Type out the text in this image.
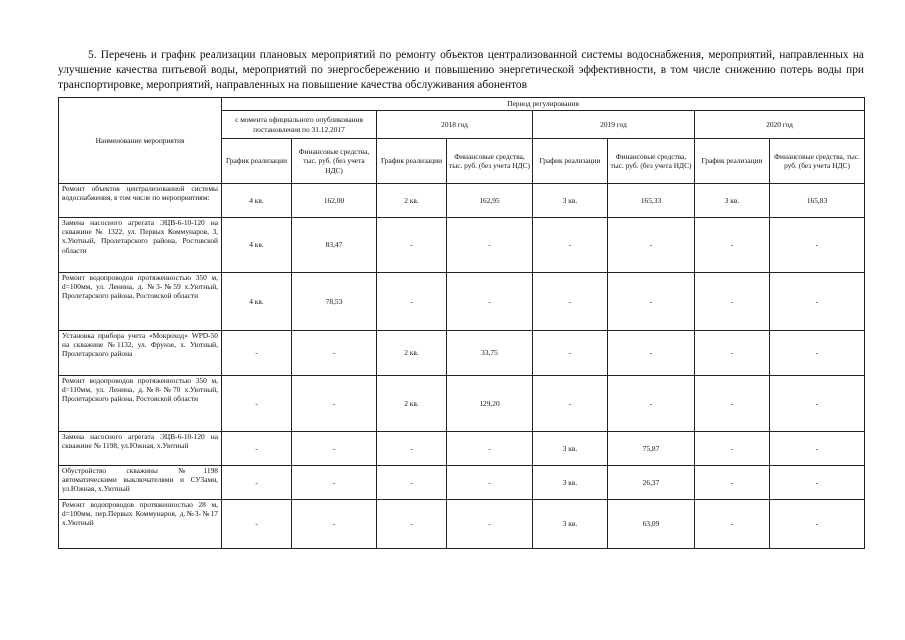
5. Перечень и график реализации плановых мероприятий по ремонту объектов централизованной системы водоснабжения, мероприятий, направленных на улучшение качества питьевой воды, мероприятий по энергосбережению и повышению энергетической эффективности, в том числе снижению потерь воды при транспортировке, мероприятий, направленных на повышение качества обслуживания абонентов
Наименование мероприятия	Период регулирования							
	с момента официального опубликования постановления по 31.12.2017		2018 год		2019 год		2020 год	
	График реализации	Финансовые средства, тыс. руб. (без учета НДС)	График реализации	Финансовые средства, тыс. руб. (без учета НДС)	График реализации	Финансовые средства, тыс. руб. (без учета НДС)	График реализации	Финансовые средства, тыс. руб. (без учета НДС)
Ремонт объектов централизованной системы водоснабжения, в том числе по мероприятиям:	4 кв.	162,00	2 кв.	162,95	3 кв.	165,33	3 кв.	165,83
Замена насосного агрегата ЭЦВ-6-10-120 на скважине № 1322, ул. Первых Коммунаров, 3, х.Уютный, Пролетарского района, Ростовской области	4 кв.	83,47	-	-	-	-	-	-
Ремонт водопроводов протяженностью 350 м, d=100мм, ул. Ленина, д. №3-№59 х.Уютный, Пролетарского района, Ростовской области	4 кв.	78,53	-	-	-	-	-	-
Установка прибора учета «Мокроход» WPD-50 на скважине №1132, ул. Фрунзе, х. Уютный, Пролетарского района	-	-	2 кв.	33,75	-	-	-	-
Ремонт водопроводов протяженностью 350 м, d=110мм, ул. Ленина, д.№8-№70 х.Уютный, Пролетарского района, Ростовской области	-	-	2 кв.	129,20	-	-	-	-
Замена насосного агрегата ЭЦВ-6-10-120 на скважине № 1198, ул.Южная, х.Уютный	-	-	-	-	3 кв.	75,87	-	-
Обустройство скважины №1198 автоматическими выключателями и СУЗами, ул.Южная, х.Уютный	-	-	-	-	3 кв.	26,37	-	-
Ремонт водопроводов протяженностью 28 м, d=100мм, пер.Первых Коммунаров, д.№3-№17 х.Уютный	-	-	-	-	3 кв.	63,09	-	-
